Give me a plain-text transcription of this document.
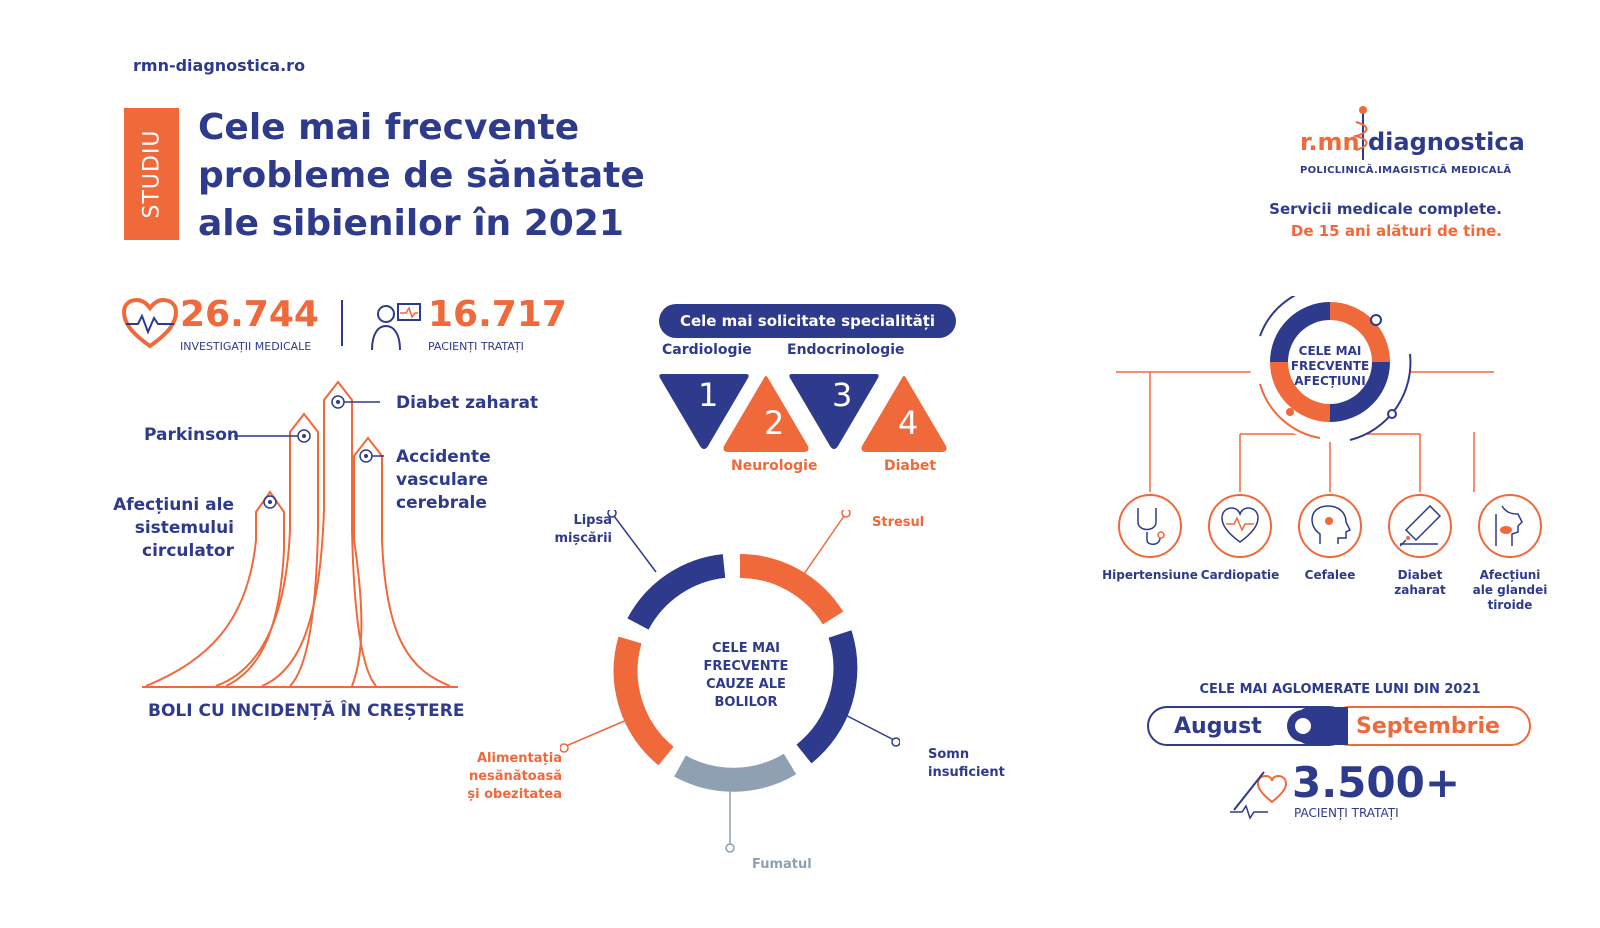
rmn-diagnostica.ro
STUDIU
Cele mai frecvente
probleme de sănătate
ale sibienilor în 2021
r.mn diagnostica
POLICLINICĂ.IMAGISTICĂ MEDICALĂ
Servicii medicale complete.
De 15 ani alături de tine.
26.744
INVESTIGAȚII MEDICALE
16.717
PACIENȚI TRATAȚI
Parkinson
Diabet zaharat
Accidente
vasculare
cerebrale
Afecțiuni ale
sistemului
circulator
BOLI CU INCIDENȚĂ ÎN CREȘTERE
Cele mai solicitate specialități
Cardiologie	Endocrinologie
Neurologie	Diabet
1
2
3
4
CELE MAI
FRECVENTE
CAUZE ALE
BOLILOR
Lipsa
mișcării
Stresul
Somn
insuficient
Alimentația
nesănătoasă
și obezitatea
Fumatul
CELE MAI
FRECVENTE
AFECȚIUNI
Hipertensiune Cardiopatie	Cefalee	Diabet
zaharat
Afecțiuni
ale glandei
tiroide
CELE MAI AGLOMERATE LUNI DIN 2021
August	Septembrie
3.500+
PACIENȚI TRATAȚI
